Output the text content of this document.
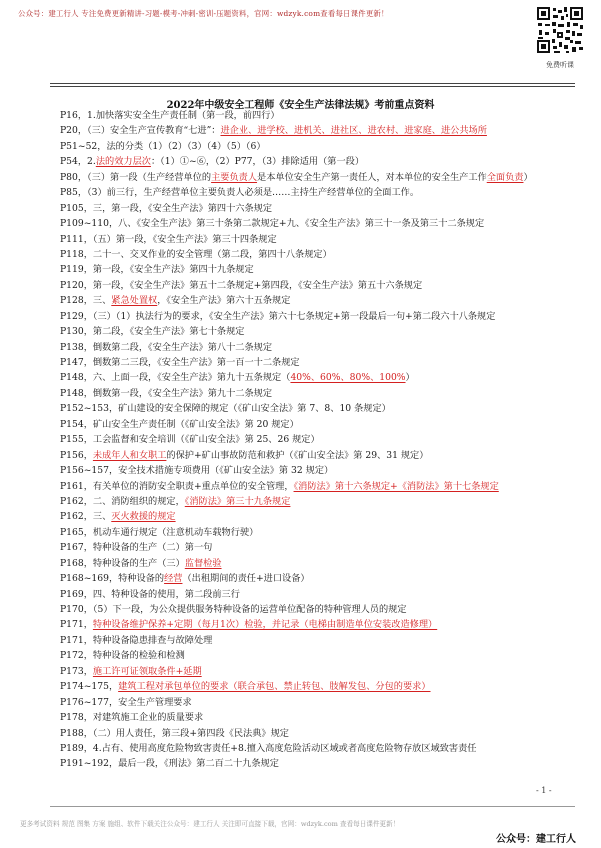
公众号：建工行人 专注免费更新精讲-习题-模考-冲刺-密训-压题资料，官网：wdzyk.com查看每日课件更新！
免费听课
2022年中级安全工程师《安全生产法律法规》考前重点资料
P16，1.加快落实安全生产责任制（第一段，前四行）
P20，（三）安全生产宣传教育“七进”：进企业、进学校、进机关、进社区、进农村、进家庭、进公共场所
P51~52，法的分类（1）（2）（3）（4）（5）（6）
P54，2.法的效力层次：（1）①~⑥，（2）P77，（3）排除适用（第一段）
P80，（三）第一段（生产经营单位的主要负责人是本单位安全生产第一责任人，对本单位的安全生产工作全面负责）
P85，（3）前三行，生产经营单位主要负责人必须是……主持生产经营单位的全面工作。
P105，三，第一段，《安全生产法》第四十六条规定
P109~110，八、《安全生产法》第三十条第二款规定+九、《安全生产法》第三十一条及第三十二条规定
P111，（五）第一段，《安全生产法》第三十四条规定
P118，二十一、交叉作业的安全管理（第二段，第四十八条规定）
P119，第一段，《安全生产法》第四十九条规定
P120，第一段，《安全生产法》第五十二条规定+第四段，《安全生产法》第五十六条规定
P128，三、紧急处置权，《安全生产法》第六十五条规定
P129，（三）（1）执法行为的要求，《安全生产法》第六十七条规定+第一段最后一句+第二段六十八条规定
P130，第二段，《安全生产法》第七十条规定
P138，倒数第二段，《安全生产法》第八十二条规定
P147，倒数第二三段，《安全生产法》第一百一十二条规定
P148，六、上面一段，《安全生产法》第九十五条规定（40%、60%、80%、100%）
P148，倒数第一段，《安全生产法》第九十二条规定
P152~153，矿山建设的安全保障的规定（《矿山安全法》第 7、8、10 条规定）
P154，矿山安全生产责任制（《矿山安全法》第 20 规定）
P155，工会监督和安全培训（《矿山安全法》第 25、26 规定）
P156，未成年人和女职工的保护+矿山事故防范和救护（《矿山安全法》第 29、31 规定）
P156~157，安全技术措施专项费用（《矿山安全法》第 32 规定）
P161，有关单位的消防安全职责+重点单位的安全管理，《消防法》第十六条规定+《消防法》第十七条规定
P162，二、消防组织的规定，《消防法》第三十九条规定
P162，三、灭火救援的规定
P165，机动车通行规定（注意机动车载物行驶）
P167，特种设备的生产（二）第一句
P168，特种设备的生产（三）监督检验
P168~169，特种设备的经营（出租期间的责任+进口设备）
P169，四、特种设备的使用，第二段前三行
P170，（5）下一段，为公众提供服务特种设备的运营单位配备的特种管理人员的规定
P171，特种设备维护保养+定期（每月1次）检验，并记录（电梯由制造单位安装改造修理）
P171，特种设备隐患排查与故障处理
P172，特种设备的检验和检测
P173，施工许可证领取条件+延期
P174~175，建筑工程对承包单位的要求（联合承包、禁止转包、肢解发包、分包的要求）
P176~177，安全生产管理要求
P178，对建筑施工企业的质量要求
P188，（二）用人责任，第三段+第四段《民法典》规定
P189，4.占有、使用高度危险物致害责任+8.擅入高度危险活动区域或者高度危险物存放区域致害责任
P191~192，最后一段，《刑法》第二百二十九条规定
- 1 -
更多考试资料 规范 图集 方案 施组、软件下载关注公众号：建工行人 关注即可直接下载，官网：wdzyk.com 查看每日课件更新！
公众号：建工行人
